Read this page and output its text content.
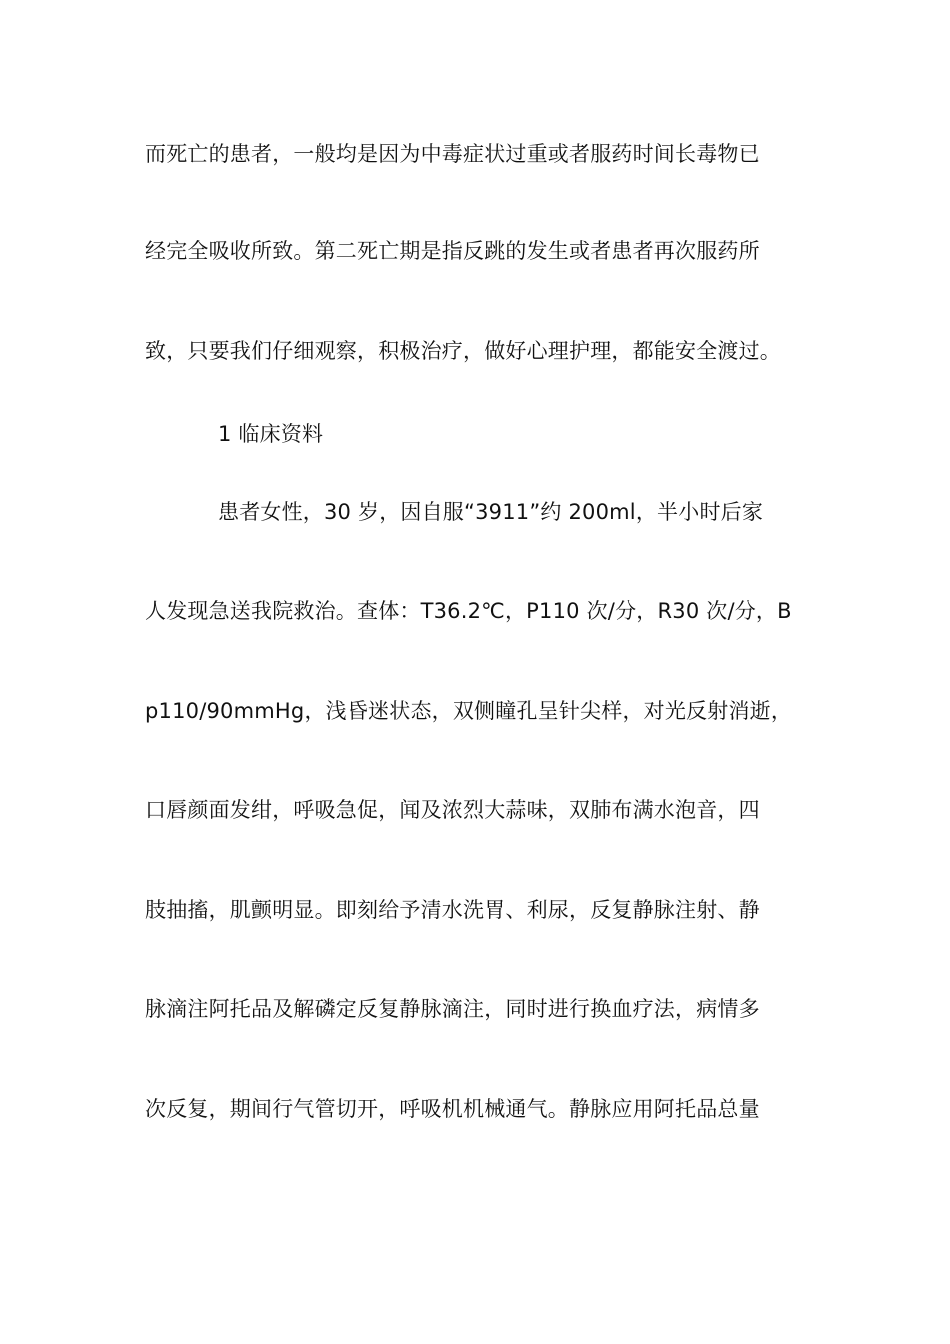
而死亡的患者，一般均是因为中毒症状过重或者服药时间长毒物已
经完全吸收所致。第二死亡期是指反跳的发生或者患者再次服药所
致，只要我们仔细观察，积极治疗，做好心理护理，都能安全渡过。
1 临床资料
患者女性，30 岁，因自服“3911”约 200ml，半小时后家
人发现急送我院救治。查体：T36.2℃，P110 次/分，R30 次/分，B
p110/90mmHg，浅昏迷状态，双侧瞳孔呈针尖样，对光反射消逝，
口唇颜面发绀，呼吸急促，闻及浓烈大蒜味，双肺布满水泡音，四
肢抽搐，肌颤明显。即刻给予清水洗胃、利尿，反复静脉注射、静
脉滴注阿托品及解磷定反复静脉滴注，同时进行换血疗法，病情多
次反复，期间行气管切开，呼吸机机械通气。静脉应用阿托品总量
